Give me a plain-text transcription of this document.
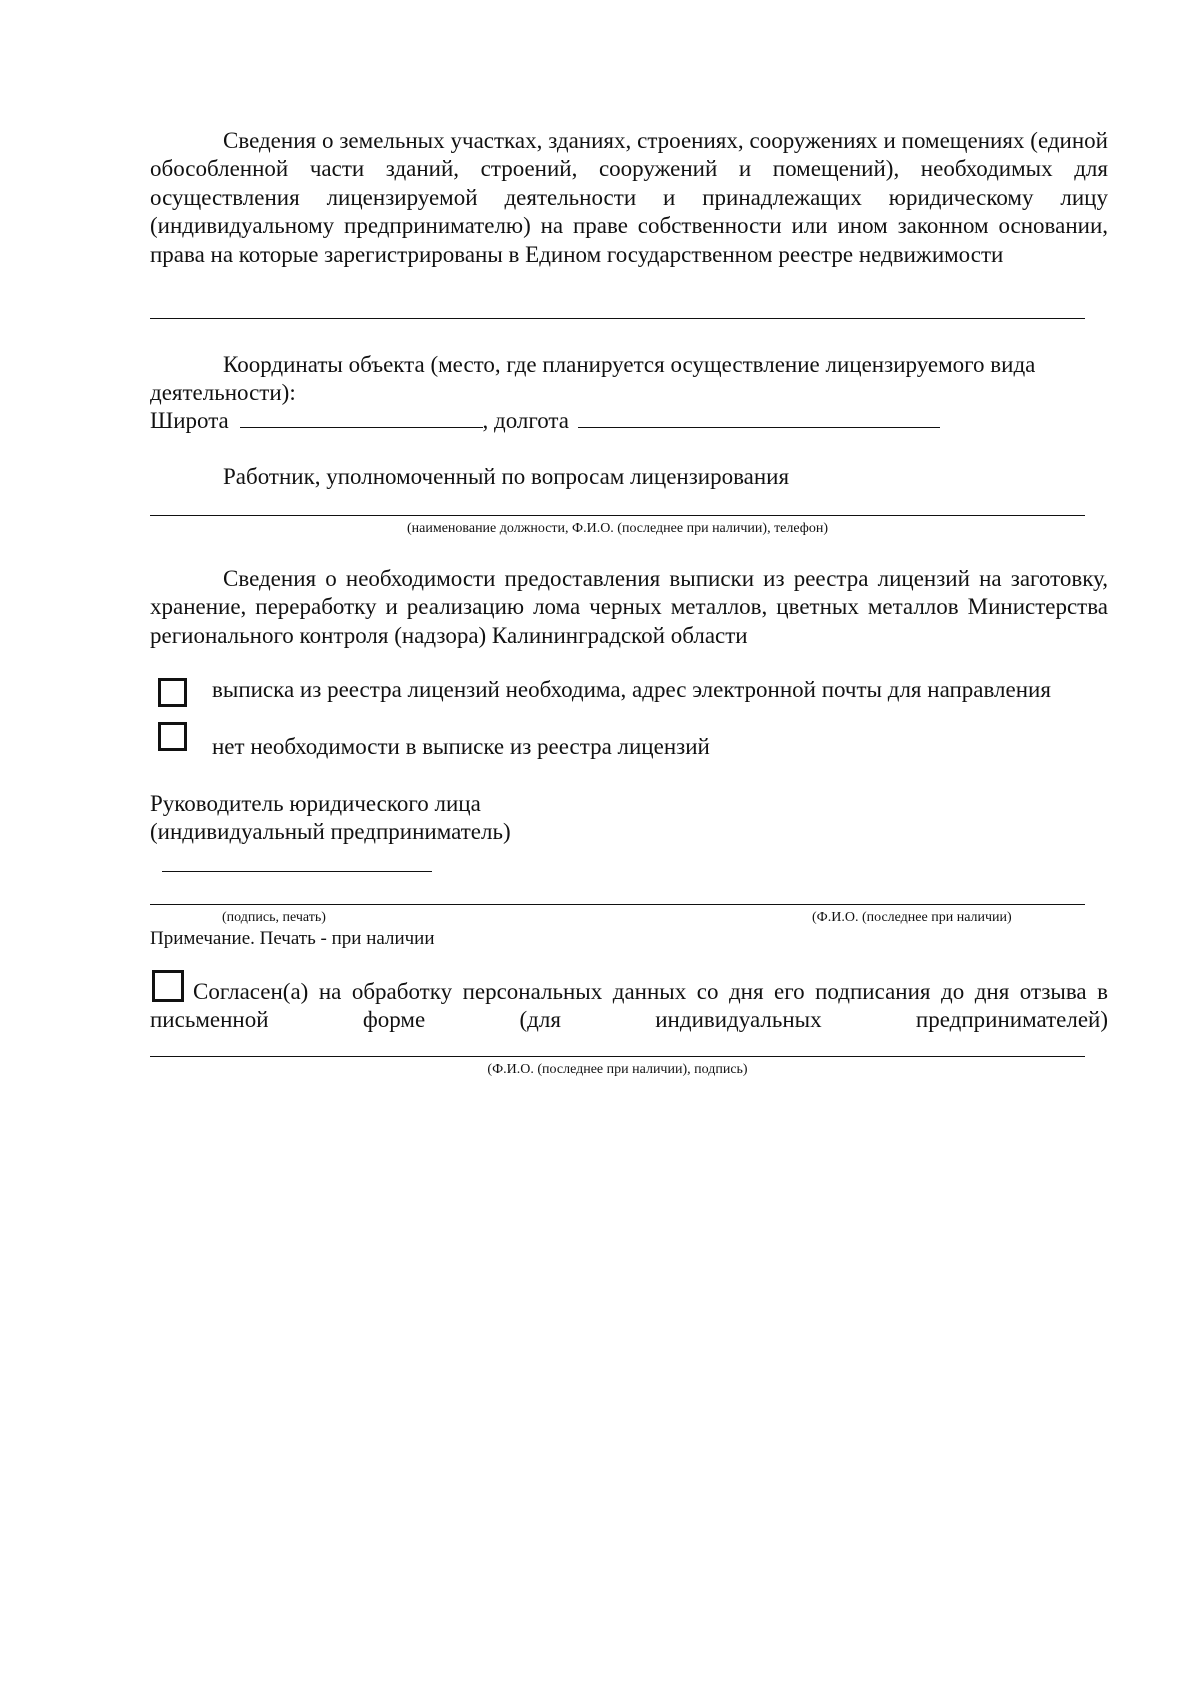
Сведения о земельных участках, зданиях, строениях, сооружениях и помещениях (единой обособленной части зданий, строений, сооружений и помещений), необходимых для осуществления лицензируемой деятельности и принадлежащих юридическому лицу (индивидуальному предпринимателю) на праве собственности или ином законном основании, права на которые зарегистрированы в Едином государственном реестре недвижимости
Координаты объекта (место, где планируется осуществление лицензируемого вида
деятельности):
Широта	, долгота
Работник, уполномоченный по вопросам лицензирования
(наименование должности, Ф.И.О. (последнее при наличии), телефон)
Сведения о необходимости предоставления выписки из реестра лицензий на заготовку, хранение, переработку и реализацию лома черных металлов, цветных металлов Министерства регионального контроля (надзора) Калининградской области
выписка из реестра лицензий необходима, адрес электронной почты для направления
нет необходимости в выписке из реестра лицензий
Руководитель юридического лица
(индивидуальный предприниматель)
(подпись, печать)	(Ф.И.О. (последнее при наличии)
Примечание. Печать - при наличии
Согласен(а) на обработку персональных данных со дня его подписания до дня отзыва в письменной форме (для индивидуальных предпринимателей)
(Ф.И.О. (последнее при наличии), подпись)
